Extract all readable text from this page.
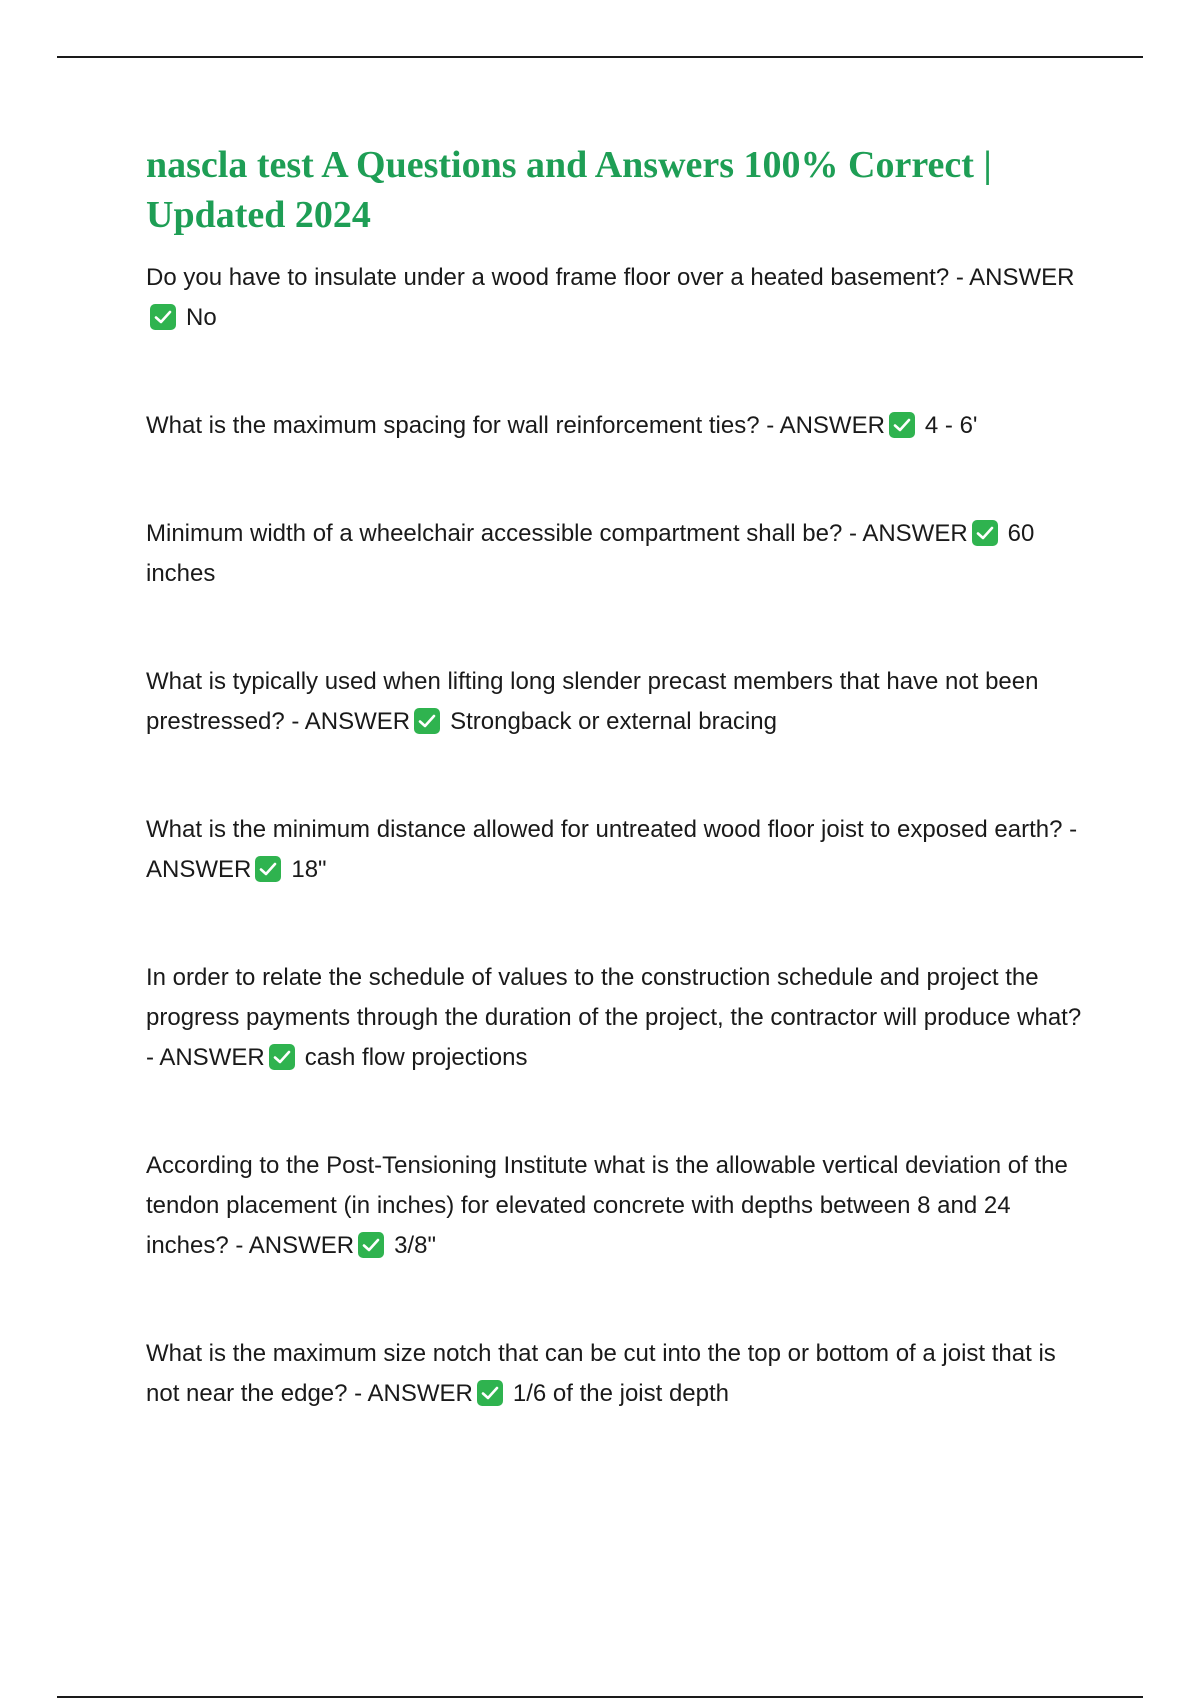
nascla test A Questions and Answers 100% Correct | Updated 2024

Do you have to insulate under a wood frame floor over a heated basement? - ANSWER
No

What is the maximum spacing for wall reinforcement ties? - ANSWER 4 - 6'

Minimum width of a wheelchair accessible compartment shall be? - ANSWER 60 inches

What is typically used when lifting long slender precast members that have not been prestressed? - ANSWER Strongback or external bracing

What is the minimum distance allowed for untreated wood floor joist to exposed earth? - ANSWER 18"

In order to relate the schedule of values to the construction schedule and project the progress payments through the duration of the project, the contractor will produce what? - ANSWER cash flow projections

According to the Post-Tensioning Institute what is the allowable vertical deviation of the tendon placement (in inches) for elevated concrete with depths between 8 and 24 inches? - ANSWER 3/8"

What is the maximum size notch that can be cut into the top or bottom of a joist that is not near the edge? - ANSWER 1/6 of the joist depth
